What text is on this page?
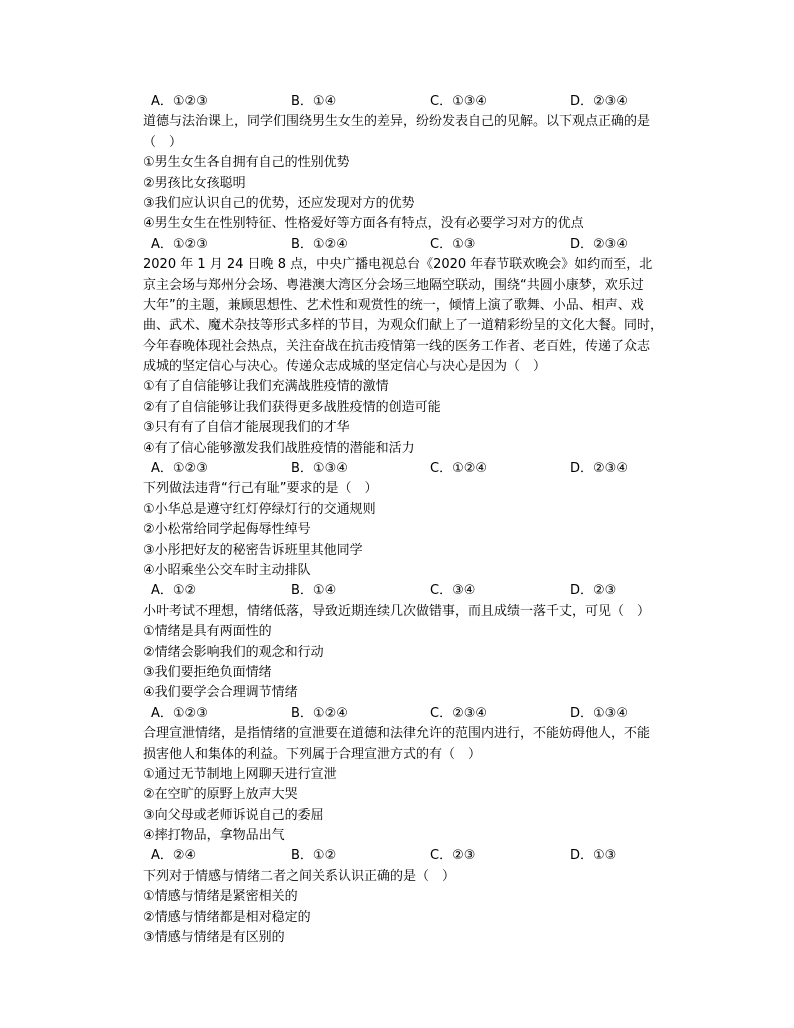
A．①②③	B．①④	C．①③④	D．②③④
道德与法治课上，同学们围绕男生女生的差异，纷纷发表自己的见解。以下观点正确的是
（　）
①男生女生各自拥有自己的性别优势
②男孩比女孩聪明
③我们应认识自己的优势，还应发现对方的优势
④男生女生在性别特征、性格爱好等方面各有特点，没有必要学习对方的优点
A．①②③	B．①②④	C．①③	D．②③④
2020 年 1 月 24 日晚 8 点，中央广播电视总台《2020 年春节联欢晚会》如约而至，北
京主会场与郑州分会场、粤港澳大湾区分会场三地隔空联动，围绕“共圆小康梦，欢乐过
大年”的主题，兼顾思想性、艺术性和观赏性的统一，倾情上演了歌舞、小品、相声、戏
曲、武术、魔术杂技等形式多样的节目，为观众们献上了一道精彩纷呈的文化大餐。同时，
今年春晚体现社会热点，关注奋战在抗击疫情第一线的医务工作者、老百姓，传递了众志
成城的坚定信心与决心。传递众志成城的坚定信心与决心是因为（　）
①有了自信能够让我们充满战胜疫情的激情
②有了自信能够让我们获得更多战胜疫情的创造可能
③只有有了自信才能展现我们的才华
④有了信心能够激发我们战胜疫情的潜能和活力
A．①②③	B．①③④	C．①②④	D．②③④
下列做法违背“行己有耻”要求的是（　）
①小华总是遵守红灯停绿灯行的交通规则
②小松常给同学起侮辱性绰号
③小彤把好友的秘密告诉班里其他同学
④小昭乘坐公交车时主动排队
A．①②	B．①④	C．③④	D．②③
小叶考试不理想，情绪低落，导致近期连续几次做错事，而且成绩一落千丈，可见（　）
①情绪是具有两面性的
②情绪会影响我们的观念和行动
③我们要拒绝负面情绪
④我们要学会合理调节情绪
A．①②③	B．①②④	C．②③④	D．①③④
合理宣泄情绪，是指情绪的宣泄要在道德和法律允许的范围内进行，不能妨碍他人，不能
损害他人和集体的利益。下列属于合理宣泄方式的有（　）
①通过无节制地上网聊天进行宣泄
②在空旷的原野上放声大哭
③向父母或老师诉说自己的委屈
④摔打物品，拿物品出气
A．②④	B．①②	C．②③	D．①③
下列对于情感与情绪二者之间关系认识正确的是（　）
①情感与情绪是紧密相关的
②情感与情绪都是相对稳定的
③情感与情绪是有区别的
